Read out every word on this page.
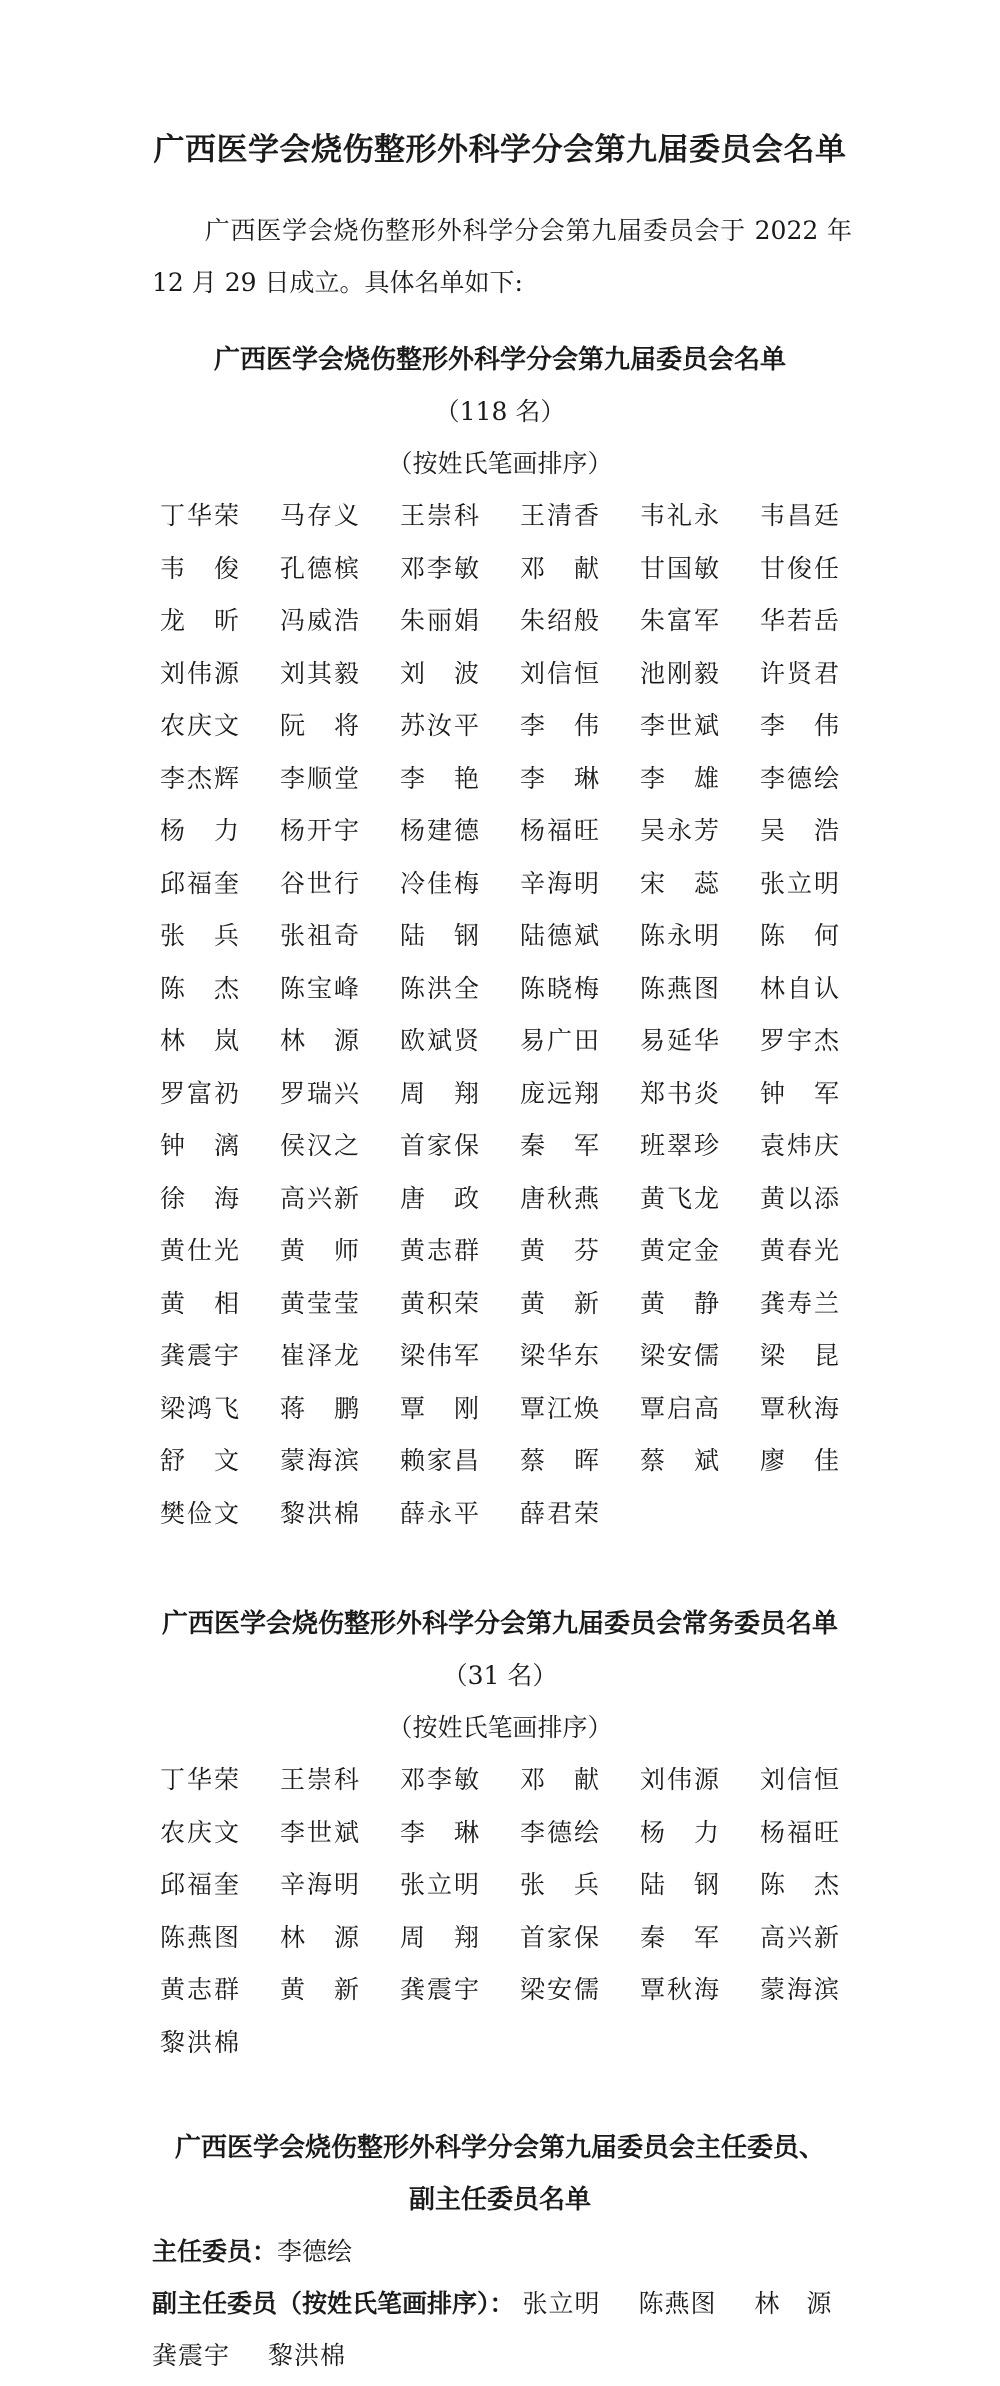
广西医学会烧伤整形外科学分会第九届委员会名单
广西医学会烧伤整形外科学分会第九届委员会于 2022 年 12 月 29 日成立。具体名单如下:
广西医学会烧伤整形外科学分会第九届委员会名单
（118 名）
（按姓氏笔画排序）
丁华荣 马存义 王崇科 王清香 韦礼永 韦昌廷
韦　俊 孔德槟 邓李敏 邓　献 甘国敏 甘俊任
龙　昕 冯威浩 朱丽娟 朱绍般 朱富军 华若岳
刘伟源 刘其毅 刘　波 刘信恒 池刚毅 许贤君
农庆文 阮　将 苏汝平 李　伟 李世斌 李　伟
李杰辉 李顺堂 李　艳 李　琳 李　雄 李德绘
杨　力 杨开宇 杨建德 杨福旺 吴永芳 吴　浩
邱福奎 谷世行 冷佳梅 辛海明 宋　蕊 张立明
张　兵 张祖奇 陆　钢 陆德斌 陈永明 陈　何
陈　杰 陈宝峰 陈洪全 陈晓梅 陈燕图 林自认
林　岚 林　源 欧斌贤 易广田 易延华 罗宇杰
罗富礽 罗瑞兴 周　翔 庞远翔 郑书炎 钟　军
钟　漓 侯汉之 首家保 秦　军 班翠珍 袁炜庆
徐　海 高兴新 唐　政 唐秋燕 黄飞龙 黄以添
黄仕光 黄　师 黄志群 黄　芬 黄定金 黄春光
黄　相 黄莹莹 黄积荣 黄　新 黄　静 龚寿兰
龚震宇 崔泽龙 梁伟军 梁华东 梁安儒 梁　昆
梁鸿飞 蒋　鹏 覃　刚 覃江焕 覃启高 覃秋海
舒　文 蒙海滨 赖家昌 蔡　晖 蔡　斌 廖　佳
樊俭文 黎洪棉 薛永平 薛君荣
广西医学会烧伤整形外科学分会第九届委员会常务委员名单
（31 名）
（按姓氏笔画排序）
丁华荣 王崇科 邓李敏 邓　献 刘伟源 刘信恒
农庆文 李世斌 李　琳 李德绘 杨　力 杨福旺
邱福奎 辛海明 张立明 张　兵 陆　钢 陈　杰
陈燕图 林　源 周　翔 首家保 秦　军 高兴新
黄志群 黄　新 龚震宇 梁安儒 覃秋海 蒙海滨
黎洪棉
广西医学会烧伤整形外科学分会第九届委员会主任委员、
副主任委员名单
主任委员：李德绘
副主任委员（按姓氏笔画排序）： 张立明 陈燕图 林　源
龚震宇 黎洪棉
